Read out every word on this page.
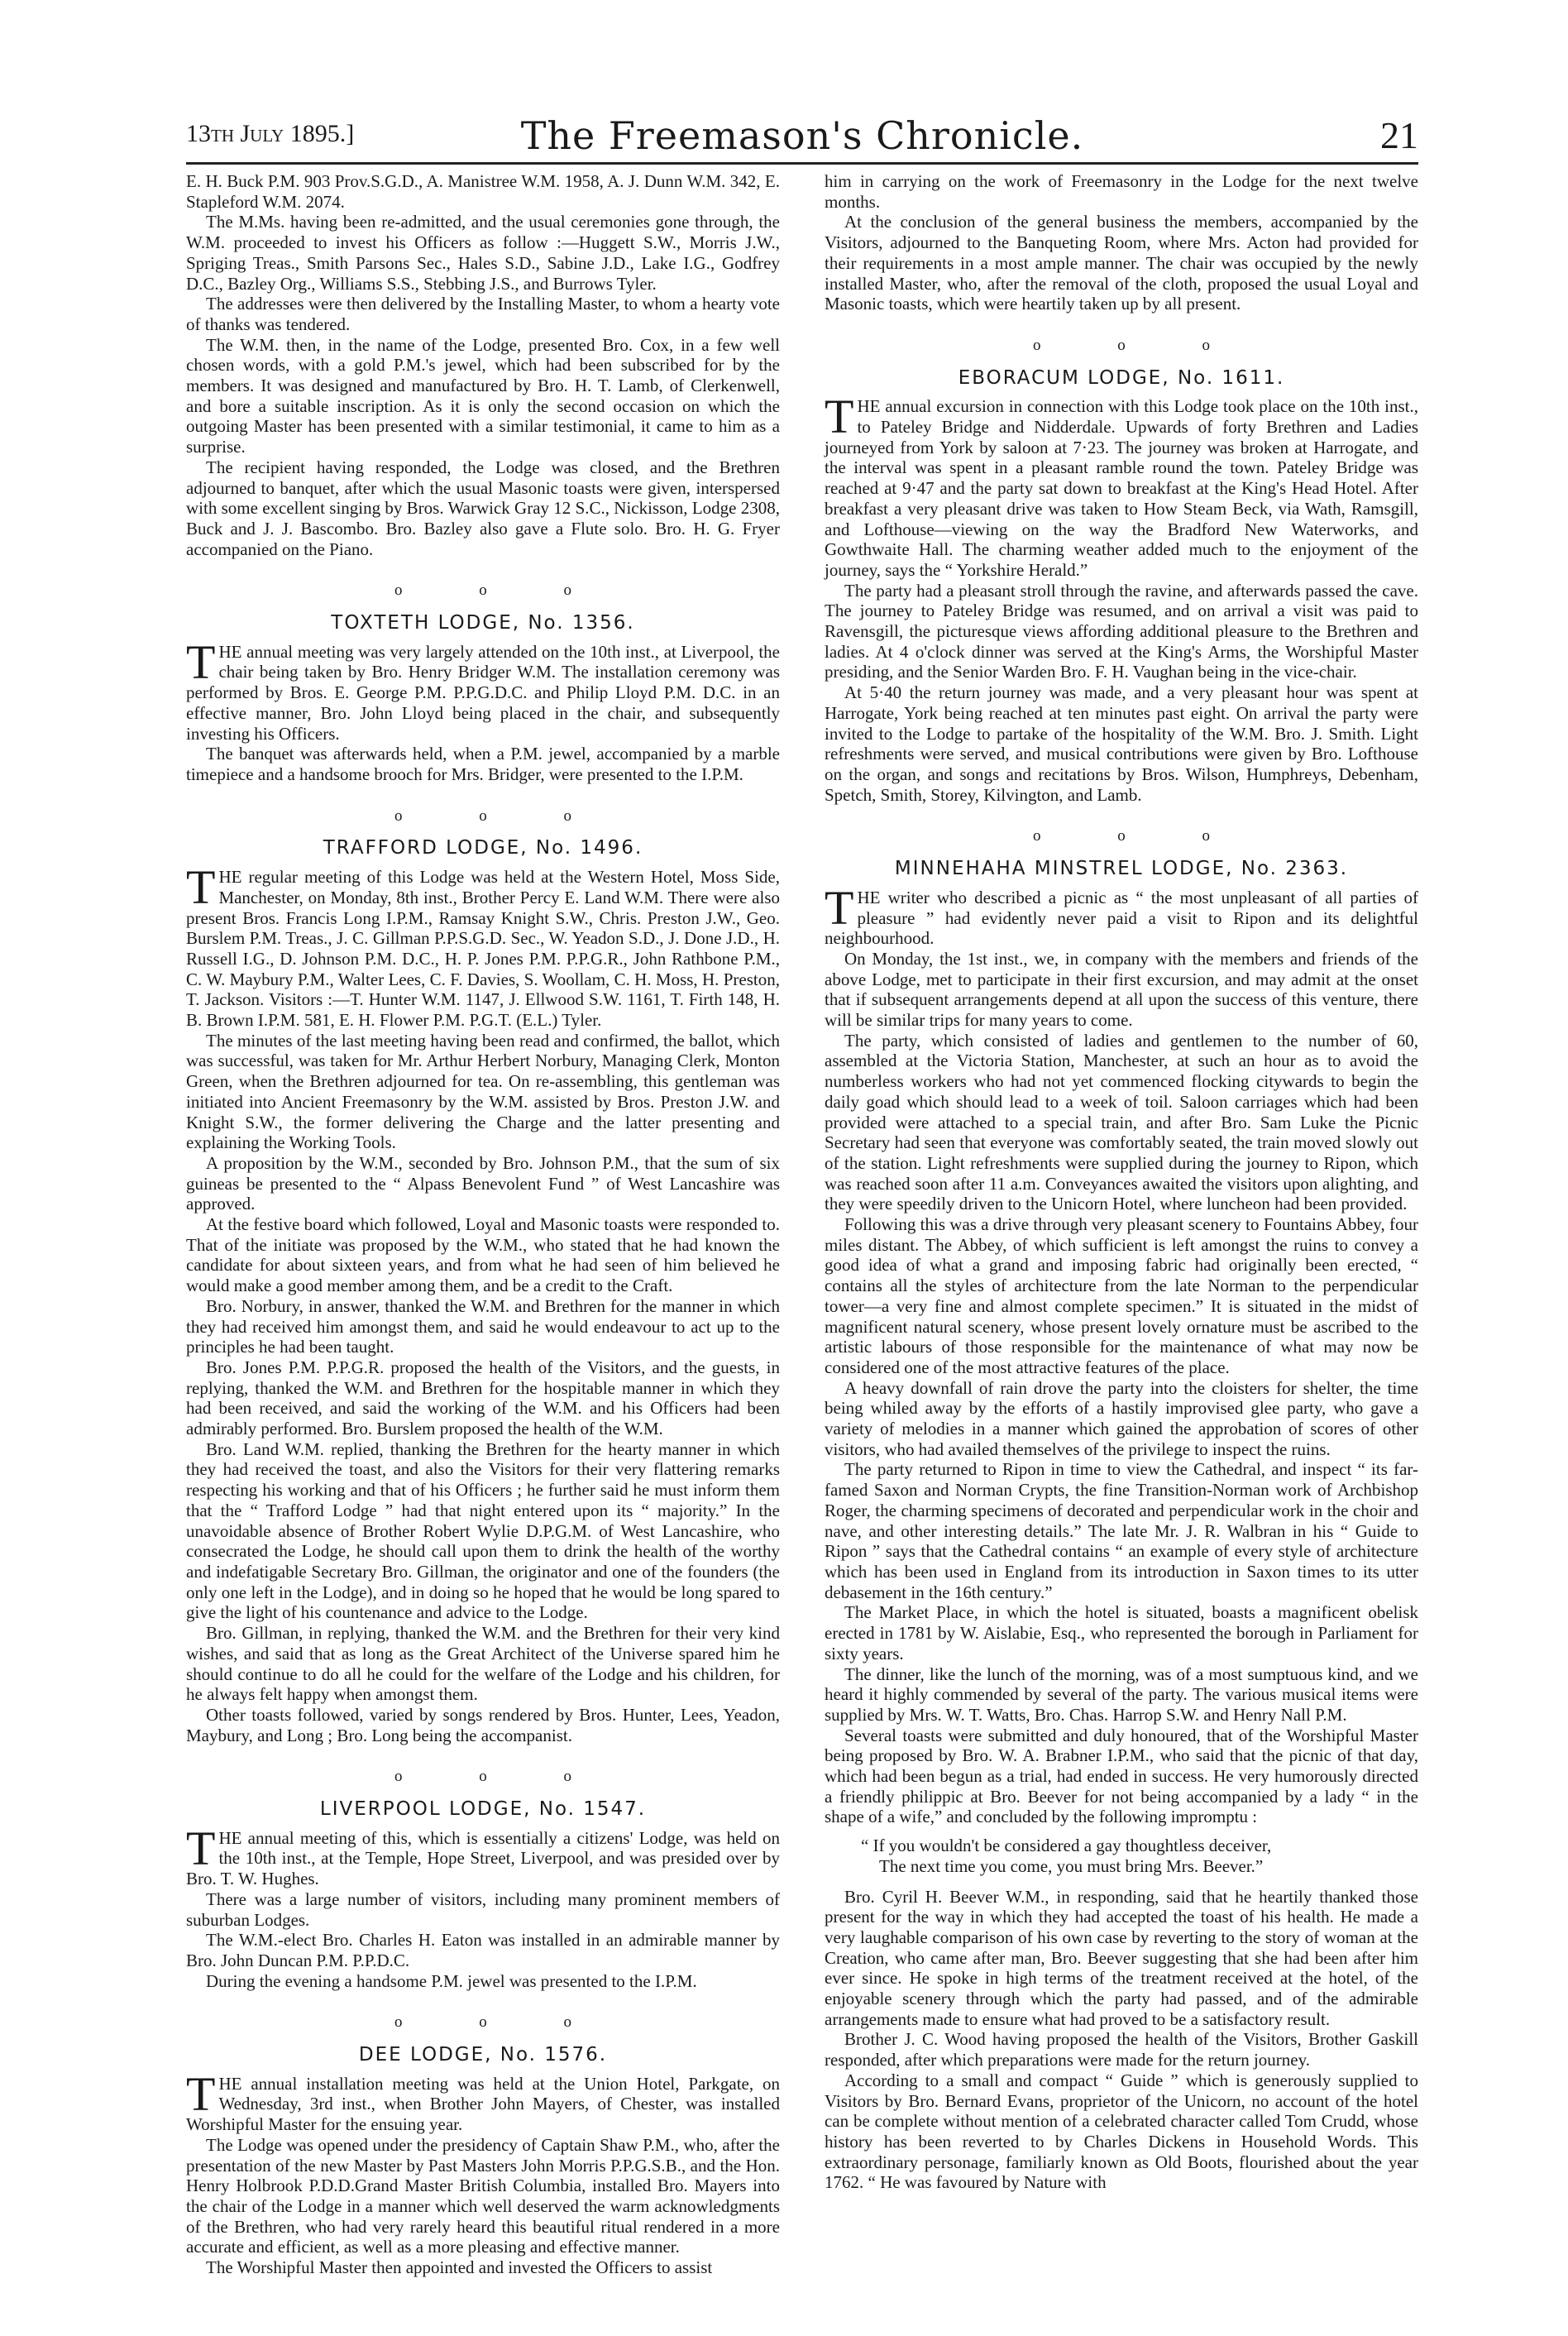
13th July 1895.]	The Freemason's Chronicle.	21

E. H. Buck P.M. 903 Prov.S.G.D., A. Manistree W.M. 1958, A. J. Dunn W.M. 342, E. Stapleford W.M. 2074.

The M.Ms. having been re-admitted, and the usual ceremonies gone through, the W.M. proceeded to invest his Officers as follow :—Huggett S.W., Morris J.W., Spriging Treas., Smith Parsons Sec., Hales S.D., Sabine J.D., Lake I.G., Godfrey D.C., Bazley Org., Williams S.S., Stebbing J.S., and Burrows Tyler.

The addresses were then delivered by the Installing Master, to whom a hearty vote of thanks was tendered.

The W.M. then, in the name of the Lodge, presented Bro. Cox, in a few well chosen words, with a gold P.M.'s jewel, which had been subscribed for by the members. It was designed and manufactured by Bro. H. T. Lamb, of Clerkenwell, and bore a suitable inscription. As it is only the second occasion on which the outgoing Master has been presented with a similar testimonial, it came to him as a surprise.

The recipient having responded, the Lodge was closed, and the Brethren adjourned to banquet, after which the usual Masonic toasts were given, interspersed with some excellent singing by Bros. Warwick Gray 12 S.C., Nickisson, Lodge 2308, Buck and J. J. Bascombo. Bro. Bazley also gave a Flute solo. Bro. H. G. Fryer accompanied on the Piano.

o o o
TOXTETH LODGE, No. 1356.

THE annual meeting was very largely attended on the 10th inst., at Liverpool, the chair being taken by Bro. Henry Bridger W.M. The installation ceremony was performed by Bros. E. George P.M. P.P.G.D.C. and Philip Lloyd P.M. D.C. in an effective manner, Bro. John Lloyd being placed in the chair, and subsequently investing his Officers.

The banquet was afterwards held, when a P.M. jewel, accompanied by a marble timepiece and a handsome brooch for Mrs. Bridger, were presented to the I.P.M.

o o o
TRAFFORD LODGE, No. 1496.

THE regular meeting of this Lodge was held at the Western Hotel, Moss Side, Manchester, on Monday, 8th inst., Brother Percy E. Land W.M. There were also present Bros. Francis Long I.P.M., Ramsay Knight S.W., Chris. Preston J.W., Geo. Burslem P.M. Treas., J. C. Gillman P.P.S.G.D. Sec., W. Yeadon S.D., J. Done J.D., H. Russell I.G., D. Johnson P.M. D.C., H. P. Jones P.M. P.P.G.R., John Rathbone P.M., C. W. Maybury P.M., Walter Lees, C. F. Davies, S. Woollam, C. H. Moss, H. Preston, T. Jackson. Visitors :—T. Hunter W.M. 1147, J. Ellwood S.W. 1161, T. Firth 148, H. B. Brown I.P.M. 581, E. H. Flower P.M. P.G.T. (E.L.) Tyler.

The minutes of the last meeting having been read and confirmed, the ballot, which was successful, was taken for Mr. Arthur Herbert Norbury, Managing Clerk, Monton Green, when the Brethren adjourned for tea. On re-assembling, this gentleman was initiated into Ancient Freemasonry by the W.M. assisted by Bros. Preston J.W. and Knight S.W., the former delivering the Charge and the latter presenting and explaining the Working Tools.

A proposition by the W.M., seconded by Bro. Johnson P.M., that the sum of six guineas be presented to the “ Alpass Benevolent Fund ” of West Lancashire was approved.

At the festive board which followed, Loyal and Masonic toasts were responded to. That of the initiate was proposed by the W.M., who stated that he had known the candidate for about sixteen years, and from what he had seen of him believed he would make a good member among them, and be a credit to the Craft.

Bro. Norbury, in answer, thanked the W.M. and Brethren for the manner in which they had received him amongst them, and said he would endeavour to act up to the principles he had been taught.

Bro. Jones P.M. P.P.G.R. proposed the health of the Visitors, and the guests, in replying, thanked the W.M. and Brethren for the hospitable manner in which they had been received, and said the working of the W.M. and his Officers had been admirably performed. Bro. Burslem proposed the health of the W.M.

Bro. Land W.M. replied, thanking the Brethren for the hearty manner in which they had received the toast, and also the Visitors for their very flattering remarks respecting his working and that of his Officers ; he further said he must inform them that the “ Trafford Lodge ” had that night entered upon its “ majority.” In the unavoidable absence of Brother Robert Wylie D.P.G.M. of West Lancashire, who consecrated the Lodge, he should call upon them to drink the health of the worthy and indefatigable Secretary Bro. Gillman, the originator and one of the founders (the only one left in the Lodge), and in doing so he hoped that he would be long spared to give the light of his countenance and advice to the Lodge.

Bro. Gillman, in replying, thanked the W.M. and the Brethren for their very kind wishes, and said that as long as the Great Architect of the Universe spared him he should continue to do all he could for the welfare of the Lodge and his children, for he always felt happy when amongst them.

Other toasts followed, varied by songs rendered by Bros. Hunter, Lees, Yeadon, Maybury, and Long ; Bro. Long being the accompanist.

o o o
LIVERPOOL LODGE, No. 1547.

THE annual meeting of this, which is essentially a citizens' Lodge, was held on the 10th inst., at the Temple, Hope Street, Liverpool, and was presided over by Bro. T. W. Hughes.

There was a large number of visitors, including many prominent members of suburban Lodges.

The W.M.-elect Bro. Charles H. Eaton was installed in an admirable manner by Bro. John Duncan P.M. P.P.D.C.

During the evening a handsome P.M. jewel was presented to the I.P.M.

o o o
DEE LODGE, No. 1576.

THE annual installation meeting was held at the Union Hotel, Parkgate, on Wednesday, 3rd inst., when Brother John Mayers, of Chester, was installed Worshipful Master for the ensuing year.

The Lodge was opened under the presidency of Captain Shaw P.M., who, after the presentation of the new Master by Past Masters John Morris P.P.G.S.B., and the Hon. Henry Holbrook P.D.D.Grand Master British Columbia, installed Bro. Mayers into the chair of the Lodge in a manner which well deserved the warm acknowledgments of the Brethren, who had very rarely heard this beautiful ritual rendered in a more accurate and efficient, as well as a more pleasing and effective manner.

The Worshipful Master then appointed and invested the Officers to assist

him in carrying on the work of Freemasonry in the Lodge for the next twelve months.

At the conclusion of the general business the members, accompanied by the Visitors, adjourned to the Banqueting Room, where Mrs. Acton had provided for their requirements in a most ample manner. The chair was occupied by the newly installed Master, who, after the removal of the cloth, proposed the usual Loyal and Masonic toasts, which were heartily taken up by all present.

o o o
EBORACUM LODGE, No. 1611.

THE annual excursion in connection with this Lodge took place on the 10th inst., to Pateley Bridge and Nidderdale. Upwards of forty Brethren and Ladies journeyed from York by saloon at 7·23. The journey was broken at Harrogate, and the interval was spent in a pleasant ramble round the town. Pateley Bridge was reached at 9·47 and the party sat down to breakfast at the King's Head Hotel. After breakfast a very pleasant drive was taken to How Steam Beck, via Wath, Ramsgill, and Lofthouse—viewing on the way the Bradford New Waterworks, and Gowthwaite Hall. The charming weather added much to the enjoyment of the journey, says the “ Yorkshire Herald.”

The party had a pleasant stroll through the ravine, and afterwards passed the cave. The journey to Pateley Bridge was resumed, and on arrival a visit was paid to Ravensgill, the picturesque views affording additional pleasure to the Brethren and ladies. At 4 o'clock dinner was served at the King's Arms, the Worshipful Master presiding, and the Senior Warden Bro. F. H. Vaughan being in the vice-chair.

At 5·40 the return journey was made, and a very pleasant hour was spent at Harrogate, York being reached at ten minutes past eight. On arrival the party were invited to the Lodge to partake of the hospitality of the W.M. Bro. J. Smith. Light refreshments were served, and musical contributions were given by Bro. Lofthouse on the organ, and songs and recitations by Bros. Wilson, Humphreys, Debenham, Spetch, Smith, Storey, Kilvington, and Lamb.

o o o
MINNEHAHA MINSTREL LODGE, No. 2363.

THE writer who described a picnic as “ the most unpleasant of all parties of pleasure ” had evidently never paid a visit to Ripon and its delightful neighbourhood.

On Monday, the 1st inst., we, in company with the members and friends of the above Lodge, met to participate in their first excursion, and may admit at the onset that if subsequent arrangements depend at all upon the success of this venture, there will be similar trips for many years to come.

The party, which consisted of ladies and gentlemen to the number of 60, assembled at the Victoria Station, Manchester, at such an hour as to avoid the numberless workers who had not yet commenced flocking citywards to begin the daily goad which should lead to a week of toil. Saloon carriages which had been provided were attached to a special train, and after Bro. Sam Luke the Picnic Secretary had seen that everyone was comfortably seated, the train moved slowly out of the station. Light refreshments were supplied during the journey to Ripon, which was reached soon after 11 a.m. Conveyances awaited the visitors upon alighting, and they were speedily driven to the Unicorn Hotel, where luncheon had been provided.

Following this was a drive through very pleasant scenery to Fountains Abbey, four miles distant. The Abbey, of which sufficient is left amongst the ruins to convey a good idea of what a grand and imposing fabric had originally been erected, “ contains all the styles of architecture from the late Norman to the perpendicular tower—a very fine and almost complete specimen.” It is situated in the midst of magnificent natural scenery, whose present lovely ornature must be ascribed to the artistic labours of those responsible for the maintenance of what may now be considered one of the most attractive features of the place.

A heavy downfall of rain drove the party into the cloisters for shelter, the time being whiled away by the efforts of a hastily improvised glee party, who gave a variety of melodies in a manner which gained the approbation of scores of other visitors, who had availed themselves of the privilege to inspect the ruins.

The party returned to Ripon in time to view the Cathedral, and inspect “ its far-famed Saxon and Norman Crypts, the fine Transition-Norman work of Archbishop Roger, the charming specimens of decorated and perpendicular work in the choir and nave, and other interesting details.” The late Mr. J. R. Walbran in his “ Guide to Ripon ” says that the Cathedral contains “ an example of every style of architecture which has been used in England from its introduction in Saxon times to its utter debasement in the 16th century.”

The Market Place, in which the hotel is situated, boasts a magnificent obelisk erected in 1781 by W. Aislabie, Esq., who represented the borough in Parliament for sixty years.

The dinner, like the lunch of the morning, was of a most sumptuous kind, and we heard it highly commended by several of the party. The various musical items were supplied by Mrs. W. T. Watts, Bro. Chas. Harrop S.W. and Henry Nall P.M.

Several toasts were submitted and duly honoured, that of the Worshipful Master being proposed by Bro. W. A. Brabner I.P.M., who said that the picnic of that day, which had been begun as a trial, had ended in success. He very humorously directed a friendly philippic at Bro. Beever for not being accompanied by a lady “ in the shape of a wife,” and concluded by the following impromptu :

“ If you wouldn't be considered a gay thoughtless deceiver,
The next time you come, you must bring Mrs. Beever.”

Bro. Cyril H. Beever W.M., in responding, said that he heartily thanked those present for the way in which they had accepted the toast of his health. He made a very laughable comparison of his own case by reverting to the story of woman at the Creation, who came after man, Bro. Beever suggesting that she had been after him ever since. He spoke in high terms of the treatment received at the hotel, of the enjoyable scenery through which the party had passed, and of the admirable arrangements made to ensure what had proved to be a satisfactory result.

Brother J. C. Wood having proposed the health of the Visitors, Brother Gaskill responded, after which preparations were made for the return journey.

According to a small and compact “ Guide ” which is generously supplied to Visitors by Bro. Bernard Evans, proprietor of the Unicorn, no account of the hotel can be complete without mention of a celebrated character called Tom Crudd, whose history has been reverted to by Charles Dickens in Household Words. This extraordinary personage, familiarly known as Old Boots, flourished about the year 1762. “ He was favoured by Nature with
